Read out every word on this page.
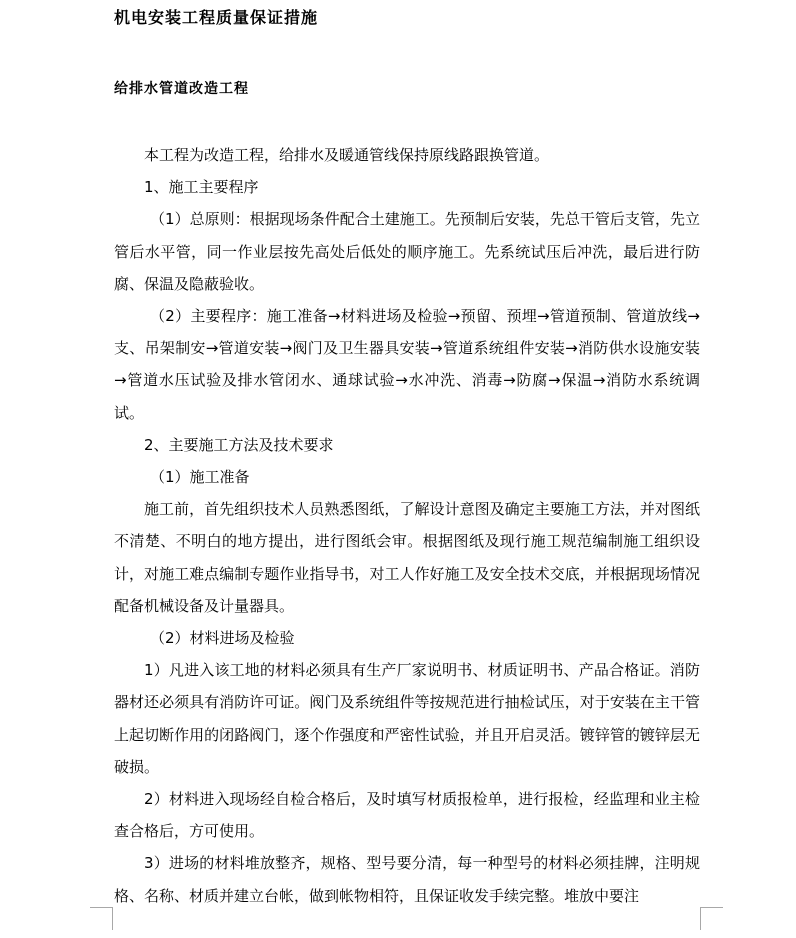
机电安装工程质量保证措施
给排水管道改造工程

本工程为改造工程，给排水及暖通管线保持原线路跟换管道。

1、施工主要程序

（1）总原则：根据现场条件配合土建施工。先预制后安装，先总干管后支管，先立管后水平管，同一作业层按先高处后低处的顺序施工。先系统试压后冲洗，最后进行防腐、保温及隐蔽验收。

（2）主要程序：施工准备→材料进场及检验→预留、预埋→管道预制、管道放线→支、吊架制安→管道安装→阀门及卫生器具安装→管道系统组件安装→消防供水设施安装→管道水压试验及排水管闭水、通球试验→水冲洗、消毒→防腐→保温→消防水系统调试。

2、主要施工方法及技术要求

（1）施工准备

施工前，首先组织技术人员熟悉图纸，了解设计意图及确定主要施工方法，并对图纸不清楚、不明白的地方提出，进行图纸会审。根据图纸及现行施工规范编制施工组织设计，对施工难点编制专题作业指导书，对工人作好施工及安全技术交底，并根据现场情况配备机械设备及计量器具。

（2）材料进场及检验

1）凡进入该工地的材料必须具有生产厂家说明书、材质证明书、产品合格证。消防器材还必须具有消防许可证。阀门及系统组件等按规范进行抽检试压，对于安装在主干管上起切断作用的闭路阀门，逐个作强度和严密性试验，并且开启灵活。镀锌管的镀锌层无破损。

2）材料进入现场经自检合格后，及时填写材质报检单，进行报检，经监理和业主检查合格后，方可使用。

3）进场的材料堆放整齐，规格、型号要分清，每一种型号的材料必须挂牌，注明规格、名称、材质并建立台帐，做到帐物相符，且保证收发手续完整。堆放中要注
